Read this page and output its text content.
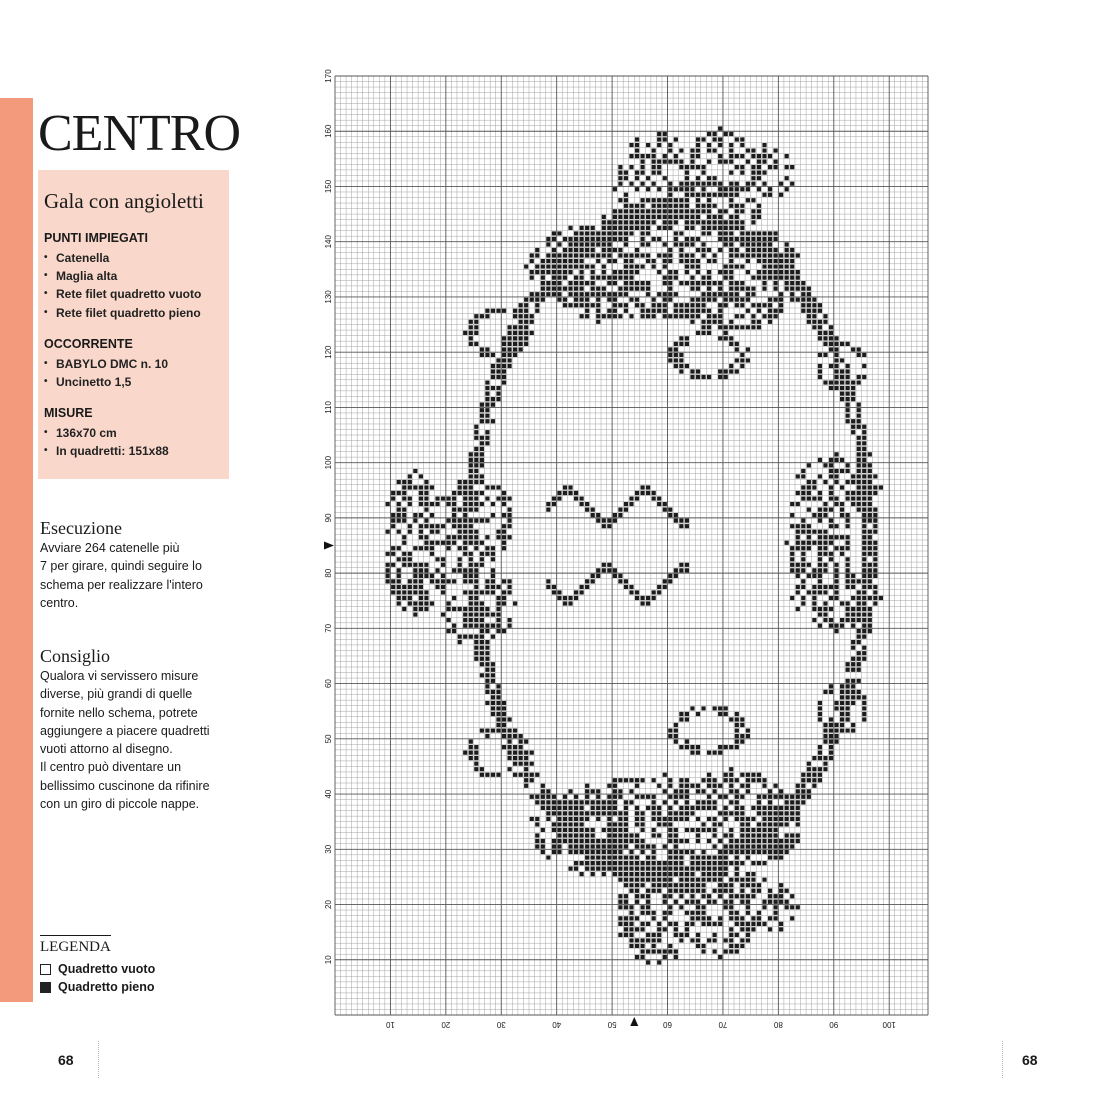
CENTRO

Gala con angioletti

PUNTI IMPIEGATI

• Catenella
• Maglia alta
• Rete filet quadretto vuoto
• Rete filet quadretto pieno

OCCORRENTE

• BABYLO DMC n. 10
• Uncinetto 1,5

MISURE

• 136x70 cm
• In quadretti: 151x88

Esecuzione

Avviare 264 catenelle più
7 per girare, quindi seguire lo
schema per realizzare l'intero
centro.

Consiglio

Qualora vi servissero misure
diverse, più grandi di quelle
fornite nello schema, potrete
aggiungere a piacere quadretti
vuoti attorno al disegno.
Il centro può diventare un
bellissimo cuscinone da rifinire
con un giro di piccole nappe.

LEGENDA
Quadretto vuoto
Quadretto pieno
10
20
30
40
50
60
70
80
90
100
110
120
130
140
150
160
170
10	20	30	40	50	60	70	80	90	100
68	68
